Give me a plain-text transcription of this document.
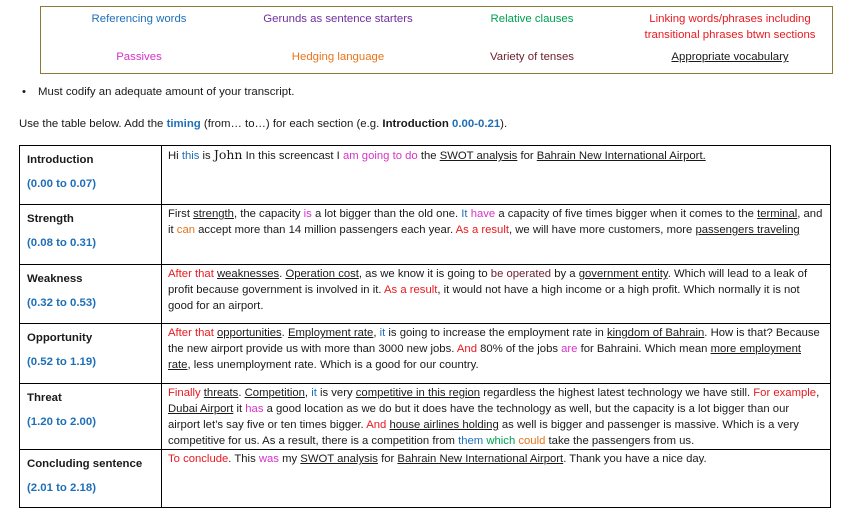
Referencing words	Gerunds as sentence starters	Relative clauses	Linking words/phrases including
transitional phrases btwn sections
Passives	Hedging language	Variety of tenses	Appropriate vocabulary
• Must codify an adequate amount of your transcript.
Use the table below. Add the timing (from… to…) for each section (e.g. Introduction 0.00-0.21).
Introduction
(0.00 to 0.07)	Hi this is John In this screencast I am going to do the SWOT analysis for Bahrain New International Airport.

Strength
(0.08 to 0.31)	First strength, the capacity is a lot bigger than the old one. It have a capacity of five times bigger when it comes to the terminal, and it can accept more than 14 million passengers each year. As a result, we will have more customers, more passengers traveling

Weakness
(0.32 to 0.53)	After that weaknesses. Operation cost, as we know it is going to be operated by a government entity. Which will lead to a leak of profit because government is involved in it. As a result, it would not have a high income or a high profit. Which normally it is not good for an airport.

Opportunity
(0.52 to 1.19)	After that opportunities. Employment rate, it is going to increase the employment rate in kingdom of Bahrain. How is that? Because the new airport provide us with more than 3000 new jobs. And 80% of the jobs are for Bahraini. Which mean more employment rate, less unemployment rate. Which is a good for our country.

Threat
(1.20 to 2.00)	Finally threats. Competition, it is very competitive in this region regardless the highest latest technology we have still. For example, Dubai Airport it has a good location as we do but it does have the technology as well, but the capacity is a lot bigger than our airport let’s say five or ten times bigger. And house airlines holding as well is bigger and passenger is massive. Which is a very competitive for us. As a result, there is a competition from them which could take the passengers from us.

Concluding sentence
(2.01 to 2.18)	To conclude. This was my SWOT analysis for Bahrain New International Airport. Thank you have a nice day.
